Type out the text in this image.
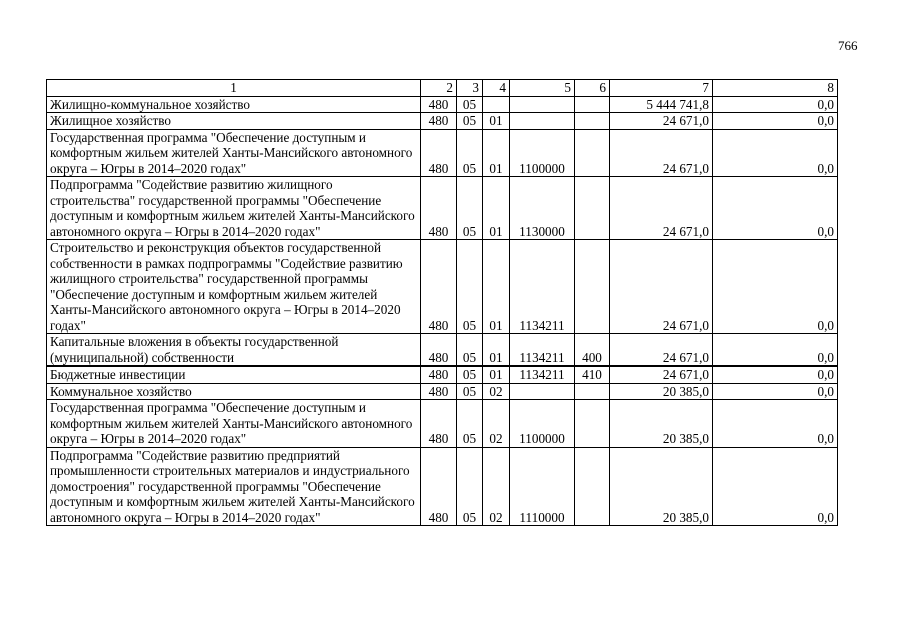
766
1	2	3	4	5	6	7	8
Жилищно-коммунальное хозяйство	480	05				5 444 741,8	0,0
Жилищное хозяйство	480	05	01			24 671,0	0,0
Государственная программа "Обеспечение доступным и комфортным жильем жителей Ханты-Мансийского автономного округа – Югры в 2014–2020 годах"	480	05	01	1100000		24 671,0	0,0
Подпрограмма "Содействие развитию жилищного строительства" государственной программы "Обеспечение доступным и комфортным жильем жителей Ханты-Мансийского автономного округа – Югры в 2014–2020 годах"	480	05	01	1130000		24 671,0	0,0
Строительство и реконструкция объектов государственной собственности в рамках подпрограммы "Содействие развитию жилищного строительства" государственной программы "Обеспечение доступным и комфортным жильем жителей Ханты-Мансийского автономного округа – Югры в 2014–2020 годах"	480	05	01	1134211		24 671,0	0,0
Капитальные вложения в объекты государственной (муниципальной) собственности	480	05	01	1134211	400	24 671,0	0,0
Бюджетные инвестиции	480	05	01	1134211	410	24 671,0	0,0
Коммунальное хозяйство	480	05	02			20 385,0	0,0
Государственная программа "Обеспечение доступным и комфортным жильем жителей Ханты-Мансийского автономного округа – Югры в 2014–2020 годах"	480	05	02	1100000		20 385,0	0,0
Подпрограмма "Содействие развитию предприятий промышленности строительных материалов и индустриального домостроения" государственной программы "Обеспечение доступным и комфортным жильем жителей Ханты-Мансийского автономного округа – Югры в 2014–2020 годах"	480	05	02	1110000		20 385,0	0,0
